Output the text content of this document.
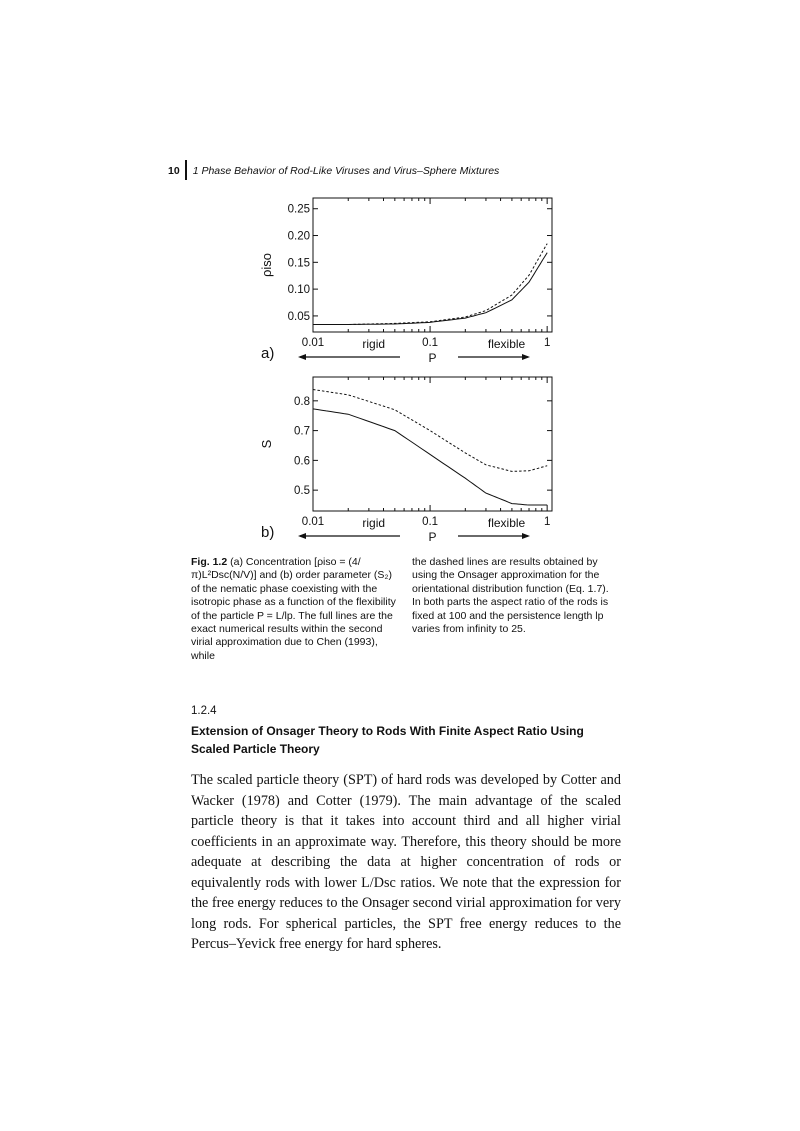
10 1 Phase Behavior of Rod-Like Viruses and Virus–Sphere Mixtures
0.01	0.1	1
0.05
0.10
0.15
0.20
0.25
ρiso
a)
rigid	flexible
P
0.01	0.1	1
0.5
0.6
0.7
0.8
S
b)
rigid	flexible
P
Fig. 1.2 (a) Concentration [ρiso = (4/π)L²Dsc(N/V)] and (b) order parameter (S₂) of the nematic phase coexisting with the isotropic phase as a function of the flexibility of the particle P = L/lp. The full lines are the exact numerical results within the second virial approximation due to Chen (1993), while
the dashed lines are results obtained by using the Onsager approximation for the orientational distribution function (Eq. 1.7). In both parts the aspect ratio of the rods is fixed at 100 and the persistence length lp varies from infinity to 25.
1.2.4
Extension of Onsager Theory to Rods With Finite Aspect Ratio Using Scaled Particle Theory
The scaled particle theory (SPT) of hard rods was developed by Cotter and Wacker (1978) and Cotter (1979). The main advantage of the scaled particle theory is that it takes into account third and all higher virial coefficients in an approximate way. Therefore, this theory should be more adequate at describing the data at higher concentration of rods or equivalently rods with lower L/Dsc ratios. We note that the expression for the free energy reduces to the Onsager second virial approximation for very long rods. For spherical particles, the SPT free energy reduces to the Percus–Yevick free energy for hard spheres.
